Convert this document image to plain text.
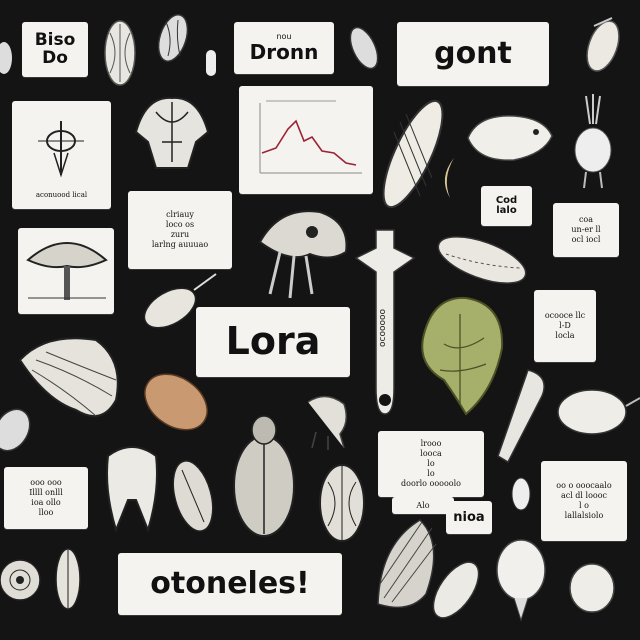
Biso
Do
nou
Dronn	gont
aconuood lical
clriauy
loco os
zuru
larlng auuuao
Cod
lalo
coa
un-er ll
ocl iocl
Lora
ocooce llc
l-D
locla
lrooo
looca
lo
lo
doorlo ooooolo
Alo
nioa
oo o ooocaalo
acl dl loooc
l o
lallalsiolo
ooo ooo
Illll onlll
ioa ollo
lloo
otoneles!
ocooooo
